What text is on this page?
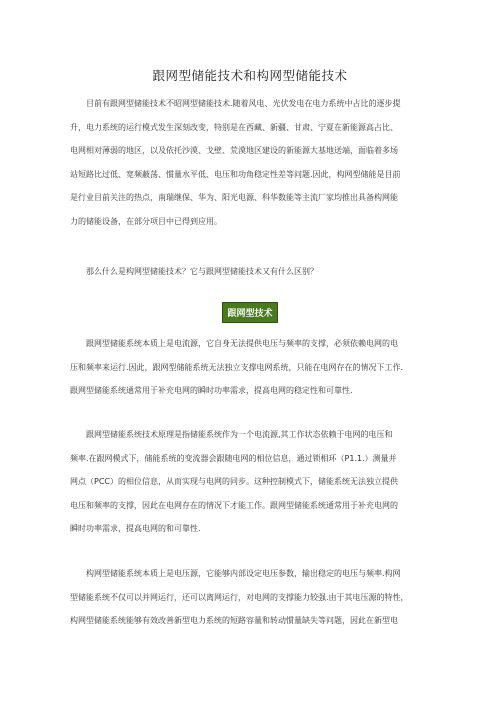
跟网型储能技术和构网型储能技术

目前有跟网型储能技术不昭网型储能技术.随着风电、光伏发电在电力系统中占比的逐步提
升，电力系统的运行模式发生深刻改变，特别是在西藏、新疆、甘肃、宁夏在新能源高占比、
电网相对薄弱的地区，以及依托沙漠、戈壁、荒漠地区建设的新能源大基地送端，面临着多场
站短路比过低、宽频蔽荡、惯量水平低、电压和功角稳定性差等问题.因此，构网型储能是目前
是行业目前关注的热点，南瑞继保、华为、阳光电源、科华数能等主流厂家均推出具备构网能
力的储能设备，在部分项目中已得到应用。

那么什么是构网型储能技术？它与跟网型储能技术又有什么区别？

跟网型技术

跟网型储能系统本质上是电流源，它自身无法提供电压与频率的支撑，必须依赖电网的电
压和频率来运行.因此，跟网型储能系统无法独立支撑电网系统，只能在电网存在的情况下工作.
跟网型储能系统通常用于补充电网的瞬时功率需求，提高电网的稳定性和可靠性.

跟网型储能系统技术原理是指储能系统作为一个电流源,其工作状态依赖于电网的电压和
频率.在跟网模式下，储能系统的变流器会跟随电网的相位信息，通过锁相环（P1.1.）测量并
网点（PCC）的相位信息，从而实现与电网的同步。这种控制模式下，储能系统无法独立提供
电压和频率的支撑，因此在电网存在的情况下才能工作。跟网型储能系统通常用于补充电网的
瞬时功率需求，提高电网的和可靠性.

构网型储能系统本质上是电压源，它能够内部设定电压参数，输出稳定的电压与频率.构网
型储能系统不仅可以并网运行，还可以离网运行，对电网的支撑能力较强.由于其电压源的特性，
构网型储能系统能够有效改善新型电力系统的短路容量和转动惯量缺失等问题，因此在新型电
